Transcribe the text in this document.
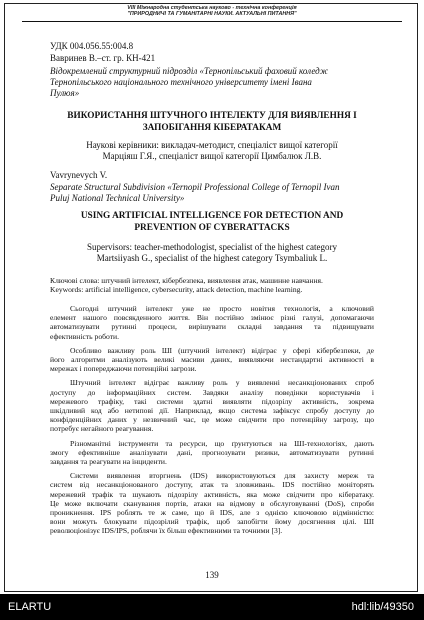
VIII Міжнародна студентська науково - технічна конференція
"ПРИРОДНИЧІ ТА ГУМАНІТАРНІ НАУКИ. АКТУАЛЬНІ ПИТАННЯ"
УДК 004.056.55:004.8
Вавринев В.–ст. гр. КН-421
Відокремлений структурний підрозділ «Тернопільський фаховий коледж
Тернопільського національного технічного університету імені Івана
Пулюя»
ВИКОРИСТАННЯ ШТУЧНОГО ІНТЕЛЕКТУ ДЛЯ ВИЯВЛЕННЯ І
ЗАПОБІГАННЯ КІБЕРАТАКАМ
Наукові керівники: викладач-методист, спеціаліст вищої категорії
Марціяш Г.Я., спеціаліст вищої категорії Цимбалюк Л.В.
Vavrynevych V.
Separate Structural Subdivision «Ternopil Professional College of Ternopil Ivan
Puluj National Technical University»
USING ARTIFICIAL INTELLIGENCE FOR DETECTION AND
PREVENTION OF CYBERATTACKS
Supervisors: teacher-methodologist, specialist of the highest category
Martsiiyash G., specialist of the highest category Tsymbaliuk L.
Ключові слова: штучний інтелект, кібербезпека, виявлення атак, машинне навчання.
Keywords: artificial intelligence, cybersecurity, attack detection, machine learning.
Сьогодні штучний інтелект уже не просто новітня технологія, а ключовий
елемент нашого повсякденного життя. Він постійно змінює різні галузі, допомагаючи
автоматизувати рутинні процеси, вирішувати складні завдання та підвищувати
ефективність роботи.
Особливо важливу роль ШІ (штучний інтелект) відіграє у сфері кібербезпеки, де
його алгоритми аналізують великі масиви даних, виявляючи нестандартні активності в
мережах і попереджаючи потенційні загрози.
Штучний інтелект відіграє важливу роль у виявленні несанкціонованих спроб
доступу до інформаційних систем. Завдяки аналізу поведінки користувачів і
мережевого трафіку, такі системи здатні виявляти підозрілу активність, зокрема
шкідливий код або нетипові дії. Наприклад, якщо система зафіксує спробу доступу до
конфіденційних даних у незвичний час, це може свідчити про потенційну загрозу, що
потребує негайного реагування.
Різноманітні інструменти та ресурси, що ґрунтуються на ШІ-технологіях, дають
змогу ефективніше аналізувати дані, прогнозувати ризики, автоматизувати рутинні
завдання та реагувати на інциденти.
Системи виявлення вторгнень (IDS) використовуються для захисту мереж та
систем від несанкціонованого доступу, атак та зловживань. IDS постійно моніторять
мережевий трафік та шукають підозрілу активність, яка може свідчити про кібератаку.
Це може включати сканування портів, атаки на відмову в обслуговуванні (DoS), спроби
проникнення. IPS роблять те ж саме, що й IDS, але з однією ключовою відмінністю:
вони можуть блокувати підозрілий трафік, щоб запобігти йому досягнення цілі. ШІ
революціонізує IDS/IPS, роблячи їх більш ефективними та точними [3].
139
ELARTU	hdl:lib/49350
